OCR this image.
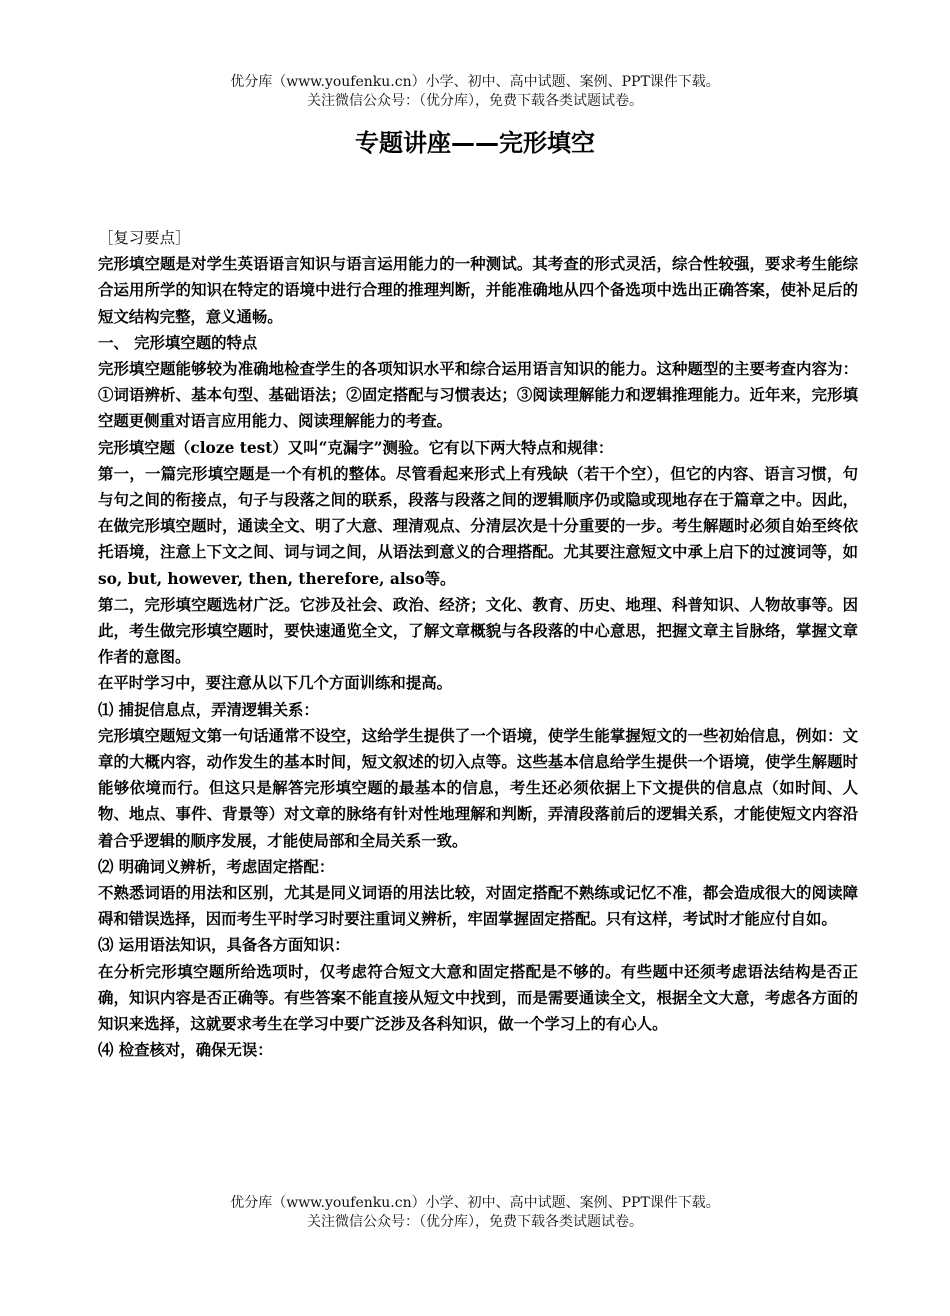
优分库（www.youfenku.cn）小学、初中、高中试题、案例、PPT课件下载。
关注微信公众号：（优分库），免费下载各类试题试卷。
专题讲座——完形填空

［复习要点］

完形填空题是对学生英语语言知识与语言运用能力的一种测试。其考查的形式灵活，综合性较强，要求考生能综合运用所学的知识在特定的语境中进行合理的推理判断，并能准确地从四个备选项中选出正确答案，使补足后的短文结构完整，意义通畅。

一、 完形填空题的特点

完形填空题能够较为准确地检查学生的各项知识水平和综合运用语言知识的能力。这种题型的主要考查内容为：①词语辨析、基本句型、基础语法；②固定搭配与习惯表达；③阅读理解能力和逻辑推理能力。近年来，完形填空题更侧重对语言应用能力、阅读理解能力的考查。

完形填空题（cloze test）又叫“克漏字”测验。它有以下两大特点和规律：

第一，一篇完形填空题是一个有机的整体。尽管看起来形式上有残缺（若干个空），但它的内容、语言习惯，句与句之间的衔接点，句子与段落之间的联系，段落与段落之间的逻辑顺序仍或隐或现地存在于篇章之中。因此，在做完形填空题时，通读全文、明了大意、理清观点、分清层次是十分重要的一步。考生解题时必须自始至终依托语境，注意上下文之间、词与词之间，从语法到意义的合理搭配。尤其要注意短文中承上启下的过渡词等，如so, but, however, then, therefore, also等。

第二，完形填空题选材广泛。它涉及社会、政治、经济；文化、教育、历史、地理、科普知识、人物故事等。因此，考生做完形填空题时，要快速通览全文，了解文章概貌与各段落的中心意思，把握文章主旨脉络，掌握文章作者的意图。

在平时学习中，要注意从以下几个方面训练和提高。

⑴ 捕捉信息点，弄清逻辑关系：

完形填空题短文第一句话通常不设空，这给学生提供了一个语境，使学生能掌握短文的一些初始信息，例如：文章的大概内容，动作发生的基本时间，短文叙述的切入点等。这些基本信息给学生提供一个语境，使学生解题时能够依境而行。但这只是解答完形填空题的最基本的信息，考生还必须依据上下文提供的信息点（如时间、人物、地点、事件、背景等）对文章的脉络有针对性地理解和判断，弄清段落前后的逻辑关系，才能使短文内容沿着合乎逻辑的顺序发展，才能使局部和全局关系一致。

⑵ 明确词义辨析，考虑固定搭配：

不熟悉词语的用法和区别，尤其是同义词语的用法比较，对固定搭配不熟练或记忆不准，都会造成很大的阅读障碍和错误选择，因而考生平时学习时要注重词义辨析，牢固掌握固定搭配。只有这样，考试时才能应付自如。

⑶ 运用语法知识，具备各方面知识：

在分析完形填空题所给选项时，仅考虑符合短文大意和固定搭配是不够的。有些题中还须考虑语法结构是否正确，知识内容是否正确等。有些答案不能直接从短文中找到，而是需要通读全文，根据全文大意，考虑各方面的知识来选择，这就要求考生在学习中要广泛涉及各科知识，做一个学习上的有心人。

⑷ 检查核对，确保无误：

优分库（www.youfenku.cn）小学、初中、高中试题、案例、PPT课件下载。
关注微信公众号：（优分库），免费下载各类试题试卷。
